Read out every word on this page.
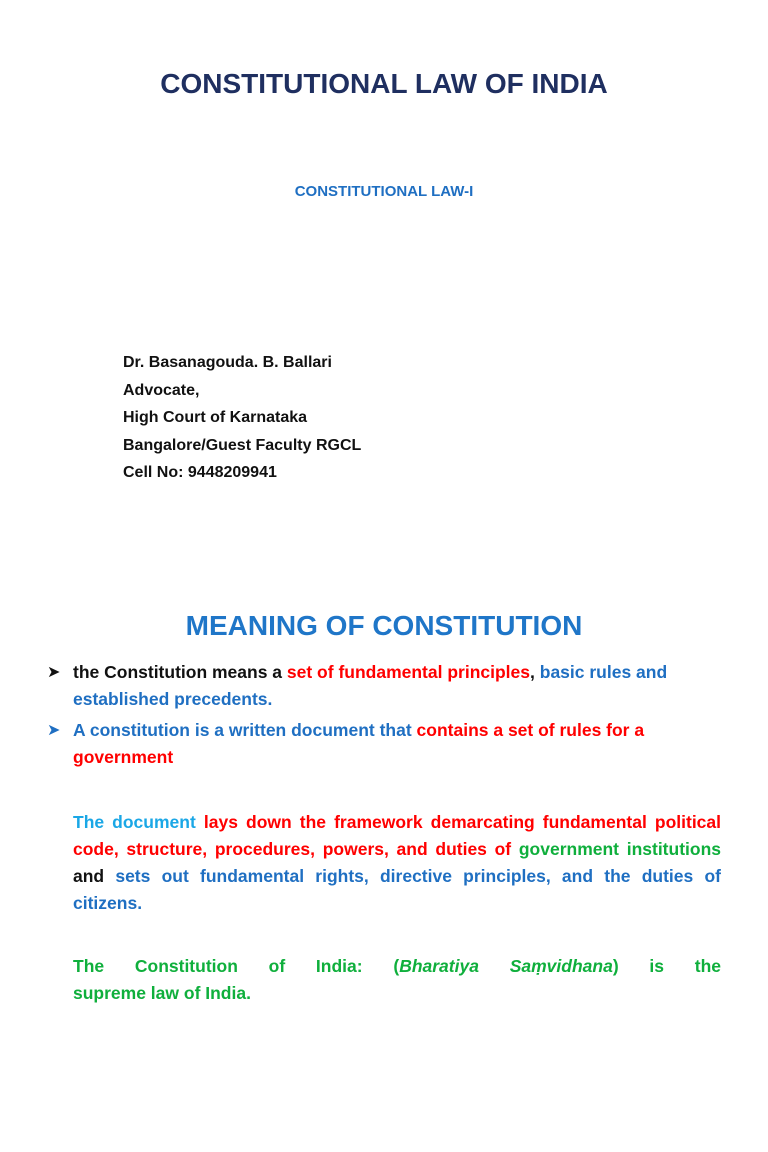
CONSTITUTIONAL LAW OF INDIA
CONSTITUTIONAL LAW-I
Dr. Basanagouda. B. Ballari
Advocate,
High Court of Karnataka
Bangalore/Guest Faculty RGCL
Cell No: 9448209941
MEANING OF CONSTITUTION
➤ the Constitution means a set of fundamental principles, basic rules and established precedents.
➤ A constitution is a written document that contains a set of rules for a government
The document lays down the framework demarcating fundamental political code, structure, procedures, powers, and duties of government institutions and sets out fundamental rights, directive principles, and the duties of citizens.
The Constitution of India: (Bharatiya Saṃvidhana) is the
supreme law of India.
